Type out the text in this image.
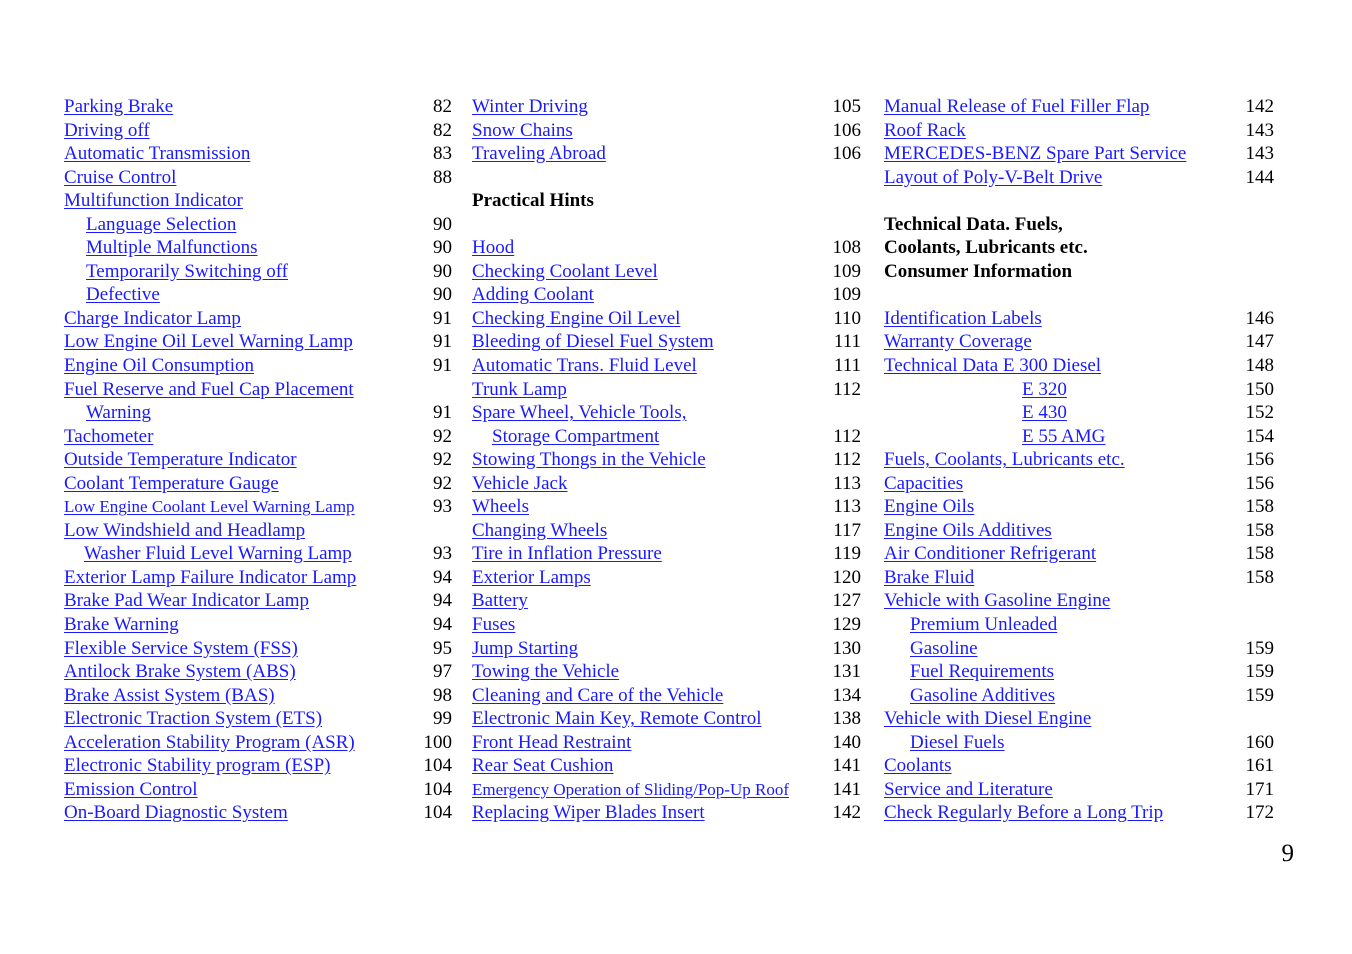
Parking Brake	82
Driving off	82
Automatic Transmission	83
Cruise Control	88
Multifunction Indicator
Language Selection	90
Multiple Malfunctions	90
Temporarily Switching off	90
Defective	90
Charge Indicator Lamp	91
Low Engine Oil Level Warning Lamp	91
Engine Oil Consumption	91
Fuel Reserve and Fuel Cap Placement
Warning	91
Tachometer	92
Outside Temperature Indicator	92
Coolant Temperature Gauge	92
Low Engine Coolant Level Warning Lamp	93
Low Windshield and Headlamp
Washer Fluid Level Warning Lamp	93
Exterior Lamp Failure Indicator Lamp	94
Brake Pad Wear Indicator Lamp	94
Brake Warning	94
Flexible Service System (FSS)	95
Antilock Brake System (ABS)	97
Brake Assist System (BAS)	98
Electronic Traction System (ETS)	99
Acceleration Stability Program (ASR)	100
Electronic Stability program (ESP)	104
Emission Control	104
On-Board Diagnostic System	104
Winter Driving	105
Snow Chains	106
Traveling Abroad	106
Practical Hints
Hood	108
Checking Coolant Level	109
Adding Coolant	109
Checking Engine Oil Level	110
Bleeding of Diesel Fuel System	111
Automatic Trans. Fluid Level	111
Trunk Lamp	112
Spare Wheel, Vehicle Tools,
Storage Compartment	112
Stowing Thongs in the Vehicle	112
Vehicle Jack	113
Wheels	113
Changing Wheels	117
Tire in Inflation Pressure	119
Exterior Lamps	120
Battery	127
Fuses	129
Jump Starting	130
Towing the Vehicle	131
Cleaning and Care of the Vehicle	134
Electronic Main Key, Remote Control	138
Front Head Restraint	140
Rear Seat Cushion	141
Emergency Operation of Sliding/Pop-Up Roof	141
Replacing Wiper Blades Insert	142
Manual Release of Fuel Filler Flap	142
Roof Rack	143
MERCEDES-BENZ Spare Part Service	143
Layout of Poly-V-Belt Drive	144
Technical Data. Fuels,
Coolants, Lubricants etc.
Consumer Information
Identification Labels	146
Warranty Coverage	147
Technical Data E 300 Diesel	148
E 320	150
E 430	152
E 55 AMG	154
Fuels, Coolants, Lubricants etc.	156
Capacities	156
Engine Oils	158
Engine Oils Additives	158
Air Conditioner Refrigerant	158
Brake Fluid	158
Vehicle with Gasoline Engine
Premium Unleaded
Gasoline	159
Fuel Requirements	159
Gasoline Additives	159
Vehicle with Diesel Engine
Diesel Fuels	160
Coolants	161
Service and Literature	171
Check Regularly Before a Long Trip	172
9
